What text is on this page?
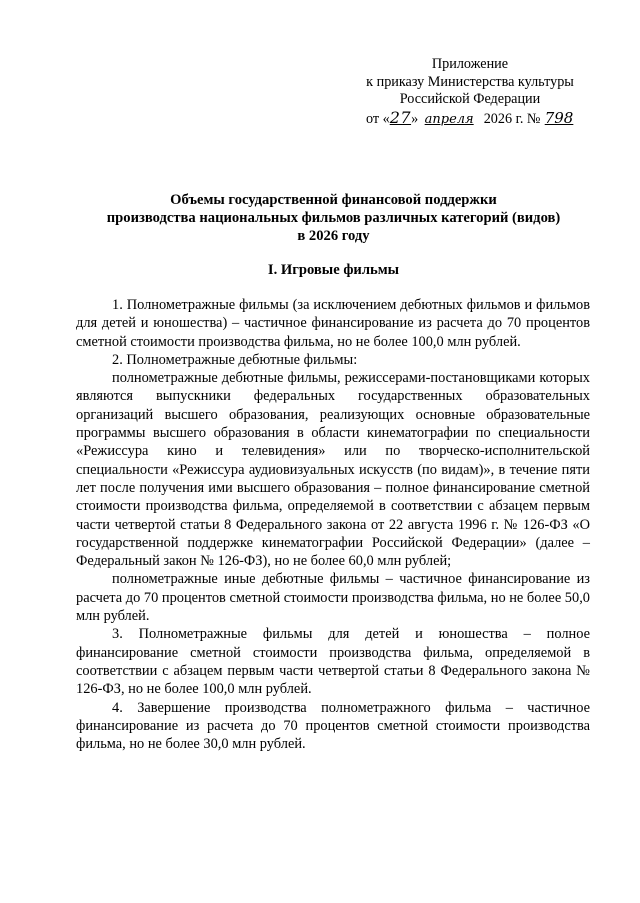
Приложение
к приказу Министерства культуры
Российской Федерации
от «27» апреля 2026 г. № 798
Объемы государственной финансовой поддержки
производства национальных фильмов различных категорий (видов)
в 2026 году
I. Игровые фильмы

1. Полнометражные фильмы (за исключением дебютных фильмов и фильмов для детей и юношества) – частичное финансирование из расчета до 70 процентов сметной стоимости производства фильма, но не более 100,0 млн рублей.

2. Полнометражные дебютные фильмы:

полнометражные дебютные фильмы, режиссерами-постановщиками которых являются выпускники федеральных государственных образовательных организаций высшего образования, реализующих основные образовательные программы высшего образования в области кинематографии по специальности «Режиссура кино и телевидения» или по творческо-исполнительской специальности «Режиссура аудиовизуальных искусств (по видам)», в течение пяти лет после получения ими высшего образования – полное финансирование сметной стоимости производства фильма, определяемой в соответствии с абзацем первым части четвертой статьи 8 Федерального закона от 22 августа 1996 г. № 126-ФЗ «О государственной поддержке кинематографии Российской Федерации» (далее – Федеральный закон № 126-ФЗ), но не более 60,0 млн рублей;

полнометражные иные дебютные фильмы – частичное финансирование из расчета до 70 процентов сметной стоимости производства фильма, но не более 50,0 млн рублей.

3. Полнометражные фильмы для детей и юношества – полное финансирование сметной стоимости производства фильма, определяемой в соответствии с абзацем первым части четвертой статьи 8 Федерального закона № 126-ФЗ, но не более 100,0 млн рублей.

4. Завершение производства полнометражного фильма – частичное финансирование из расчета до 70 процентов сметной стоимости производства фильма, но не более 30,0 млн рублей.
